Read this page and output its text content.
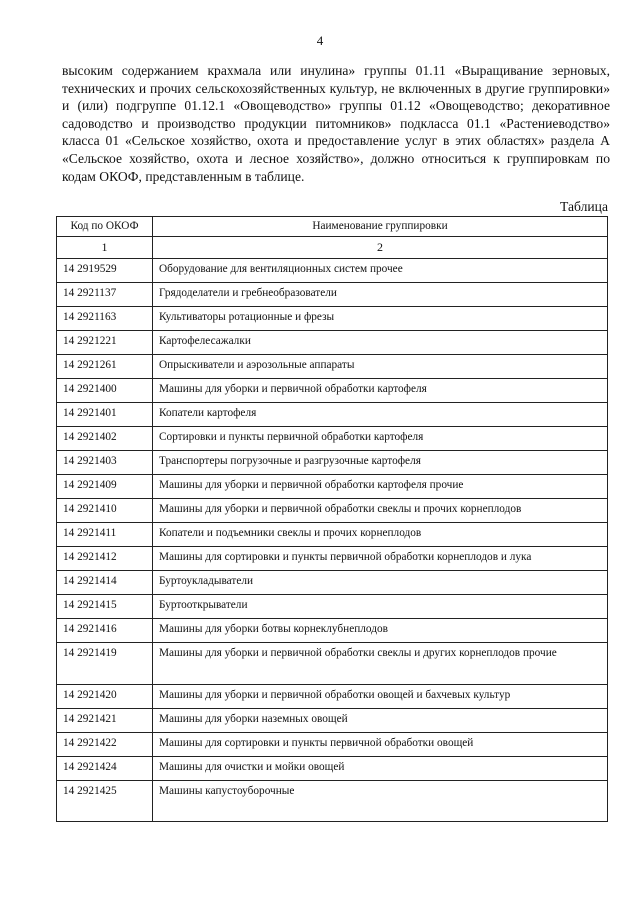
4

высоким содержанием крахмала или инулина» группы 01.11 «Выращивание зерновых, технических и прочих сельскохозяйственных культур, не включенных в другие группировки» и (или) подгруппе 01.12.1 «Овощеводство» группы 01.12 «Овощеводство; декоративное садоводство и производство продукции питомников» подкласса 01.1 «Растениеводство» класса 01 «Сельское хозяйство, охота и предоставление услуг в этих областях» раздела А «Сельское хозяйство, охота и лесное хозяйство», должно относиться к группировкам по кодам ОКОФ, представленным в таблице.

Таблица
Код по ОКОФ	Наименование группировки
1	2
14 2919529	Оборудование для вентиляционных систем прочее
14 2921137	Грядоделатели и гребнеобразователи
14 2921163	Культиваторы ротационные и фрезы
14 2921221	Картофелесажалки
14 2921261	Опрыскиватели и аэрозольные аппараты
14 2921400	Машины для уборки и первичной обработки картофеля
14 2921401	Копатели картофеля
14 2921402	Сортировки и пункты первичной обработки картофеля
14 2921403	Транспортеры погрузочные и разгрузочные картофеля
14 2921409	Машины для уборки и первичной обработки картофеля прочие
14 2921410	Машины для уборки и первичной обработки свеклы и прочих корнеплодов
14 2921411	Копатели и подъемники свеклы и прочих корнеплодов
14 2921412	Машины для сортировки и пункты первичной обработки корнеплодов и лука
14 2921414	Буртоукладыватели
14 2921415	Буртооткрыватели
14 2921416	Машины для уборки ботвы корнеклубнеплодов
14 2921419	Машины для уборки и первичной обработки свеклы и других корнеплодов прочие
14 2921420	Машины для уборки и первичной обработки овощей и бахчевых культур
14 2921421	Машины для уборки наземных овощей
14 2921422	Машины для сортировки и пункты первичной обработки овощей
14 2921424	Машины для очистки и мойки овощей
14 2921425	Машины капустоуборочные
